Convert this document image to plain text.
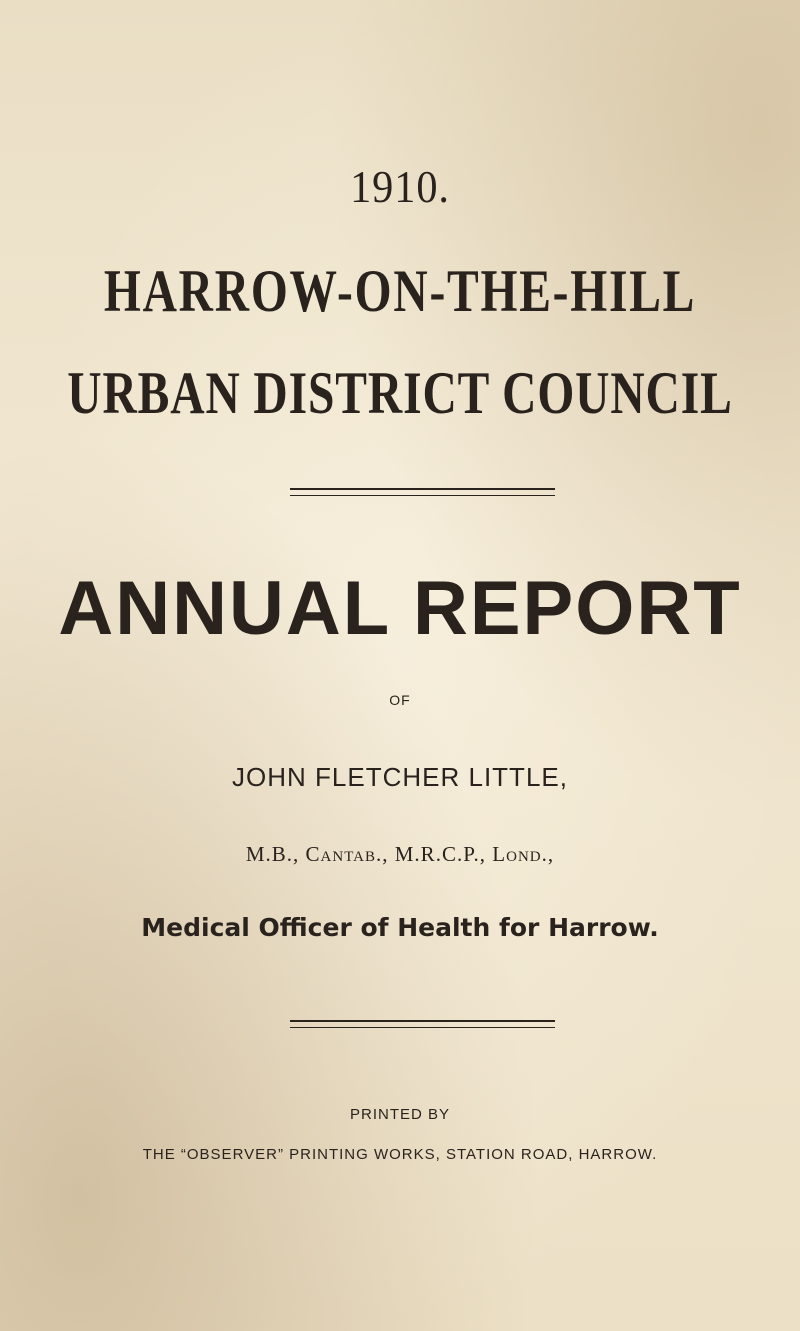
1910.
HARROW-ON-THE-HILL
URBAN DISTRICT COUNCIL
ANNUAL REPORT
OF
JOHN FLETCHER LITTLE,
M.B., Cantab., M.R.C.P., Lond.,
Medical Officer of Health for Harrow.
PRINTED BY
THE “OBSERVER” PRINTING WORKS, STATION ROAD, HARROW.
